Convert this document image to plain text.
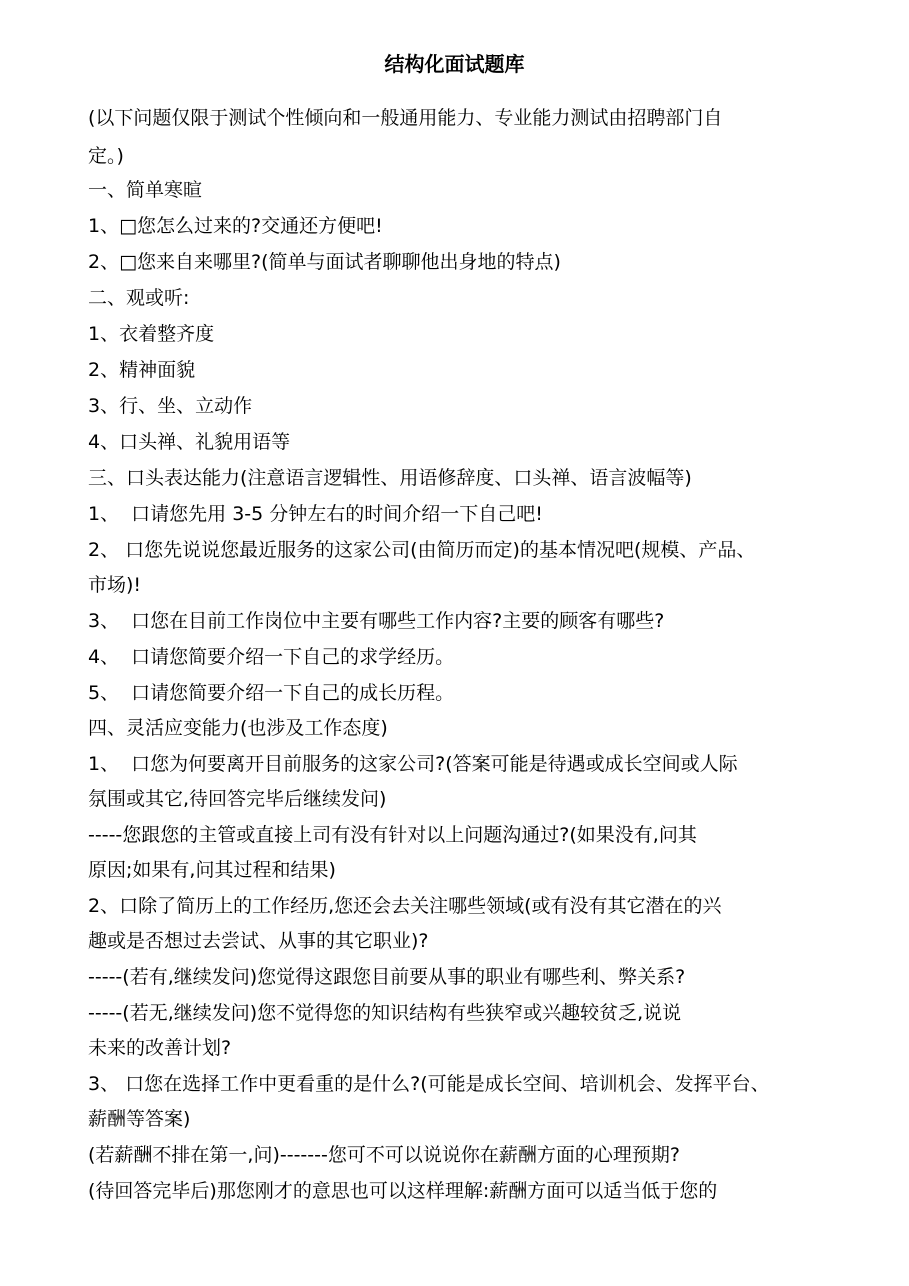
结构化面试题库
(以下问题仅限于测试个性倾向和一般通用能力、专业能力测试由招聘部门自
定。)
一、简单寒暄
1、□您怎么过来的?交通还方便吧!
2、□您来自来哪里?(简单与面试者聊聊他出身地的特点)
二、观或听:
1、衣着整齐度
2、精神面貌
3、行、坐、立动作
4、口头禅、礼貌用语等
三、口头表达能力(注意语言逻辑性、用语修辞度、口头禅、语言波幅等)
1、  口请您先用 3-5 分钟左右的时间介绍一下自己吧!
2、 口您先说说您最近服务的这家公司(由简历而定)的基本情况吧(规模、产品、
市场)!
3、  口您在目前工作岗位中主要有哪些工作内容?主要的顾客有哪些?
4、  口请您简要介绍一下自己的求学经历。
5、  口请您简要介绍一下自己的成长历程。
四、灵活应变能力(也涉及工作态度)
1、  口您为何要离开目前服务的这家公司?(答案可能是待遇或成长空间或人际
氛围或其它,待回答完毕后继续发问)
-----您跟您的主管或直接上司有没有针对以上问题沟通过?(如果没有,问其
原因;如果有,问其过程和结果)
2、口除了简历上的工作经历,您还会去关注哪些领域(或有没有其它潜在的兴
趣或是否想过去尝试、从事的其它职业)?
-----(若有,继续发问)您觉得这跟您目前要从事的职业有哪些利、弊关系?
-----(若无,继续发问)您不觉得您的知识结构有些狭窄或兴趣较贫乏,说说
未来的改善计划?
3、 口您在选择工作中更看重的是什么?(可能是成长空间、培训机会、发挥平台、
薪酬等答案)
(若薪酬不排在第一,问)-------您可不可以说说你在薪酬方面的心理预期?
(待回答完毕后)那您刚才的意思也可以这样理解:薪酬方面可以适当低于您的
